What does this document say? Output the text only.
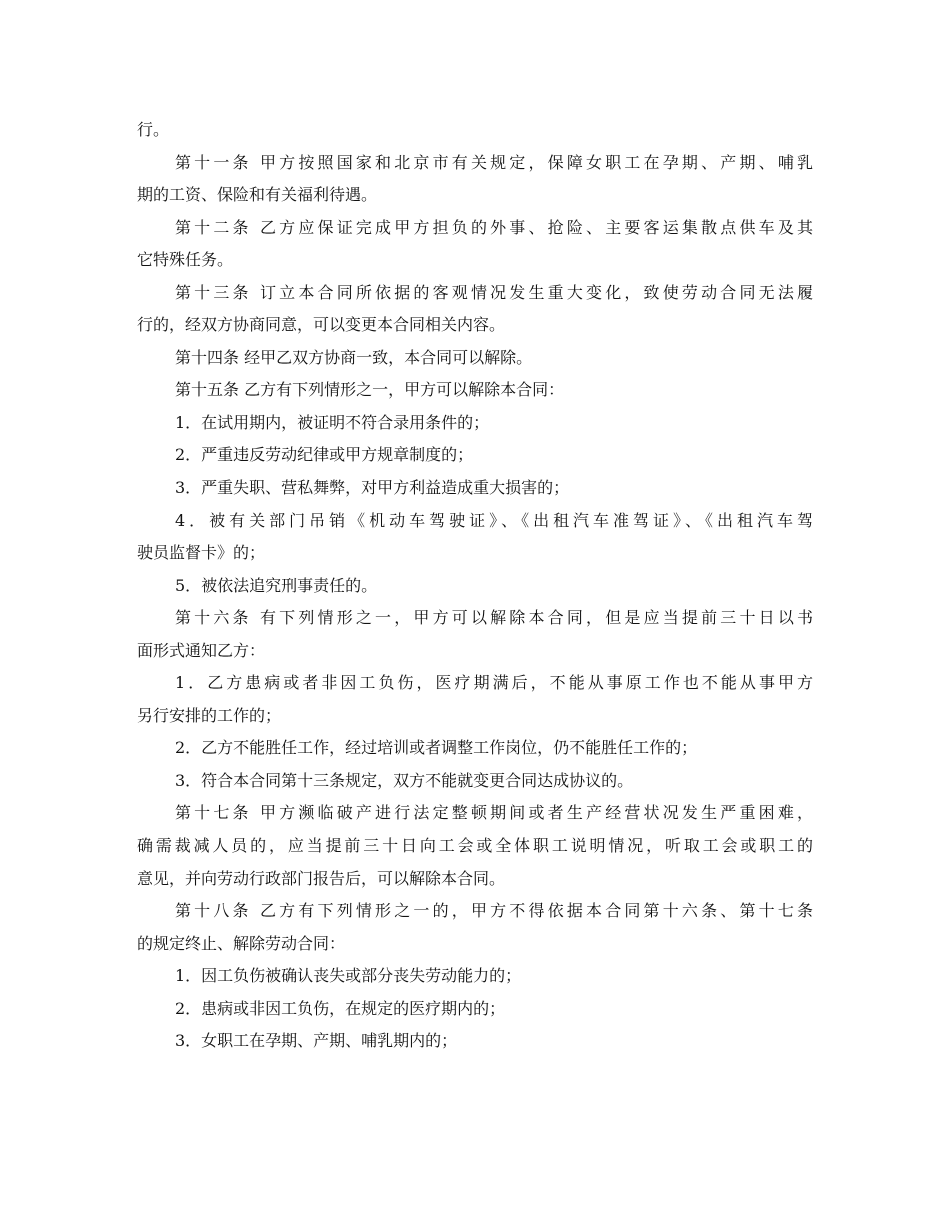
行。
第十一条 甲方按照国家和北京市有关规定，保障女职工在孕期、产期、哺乳
期的工资、保险和有关福利待遇。
第十二条 乙方应保证完成甲方担负的外事、抢险、主要客运集散点供车及其
它特殊任务。
第十三条 订立本合同所依据的客观情况发生重大变化，致使劳动合同无法履
行的，经双方协商同意，可以变更本合同相关内容。
第十四条 经甲乙双方协商一致，本合同可以解除。
第十五条 乙方有下列情形之一，甲方可以解除本合同：
1．在试用期内，被证明不符合录用条件的；
2．严重违反劳动纪律或甲方规章制度的；
3．严重失职、营私舞弊，对甲方利益造成重大损害的；
4．被有关部门吊销《机动车驾驶证》、《出租汽车准驾证》、《出租汽车驾
驶员监督卡》的；
5．被依法追究刑事责任的。
第十六条 有下列情形之一，甲方可以解除本合同，但是应当提前三十日以书
面形式通知乙方：
1．乙方患病或者非因工负伤，医疗期满后，不能从事原工作也不能从事甲方
另行安排的工作的；
2．乙方不能胜任工作，经过培训或者调整工作岗位，仍不能胜任工作的；
3．符合本合同第十三条规定，双方不能就变更合同达成协议的。
第十七条 甲方濒临破产进行法定整顿期间或者生产经营状况发生严重困难，
确需裁减人员的，应当提前三十日向工会或全体职工说明情况，听取工会或职工的
意见，并向劳动行政部门报告后，可以解除本合同。
第十八条 乙方有下列情形之一的，甲方不得依据本合同第十六条、第十七条
的规定终止、解除劳动合同：
1．因工负伤被确认丧失或部分丧失劳动能力的；
2．患病或非因工负伤，在规定的医疗期内的；
3．女职工在孕期、产期、哺乳期内的；
